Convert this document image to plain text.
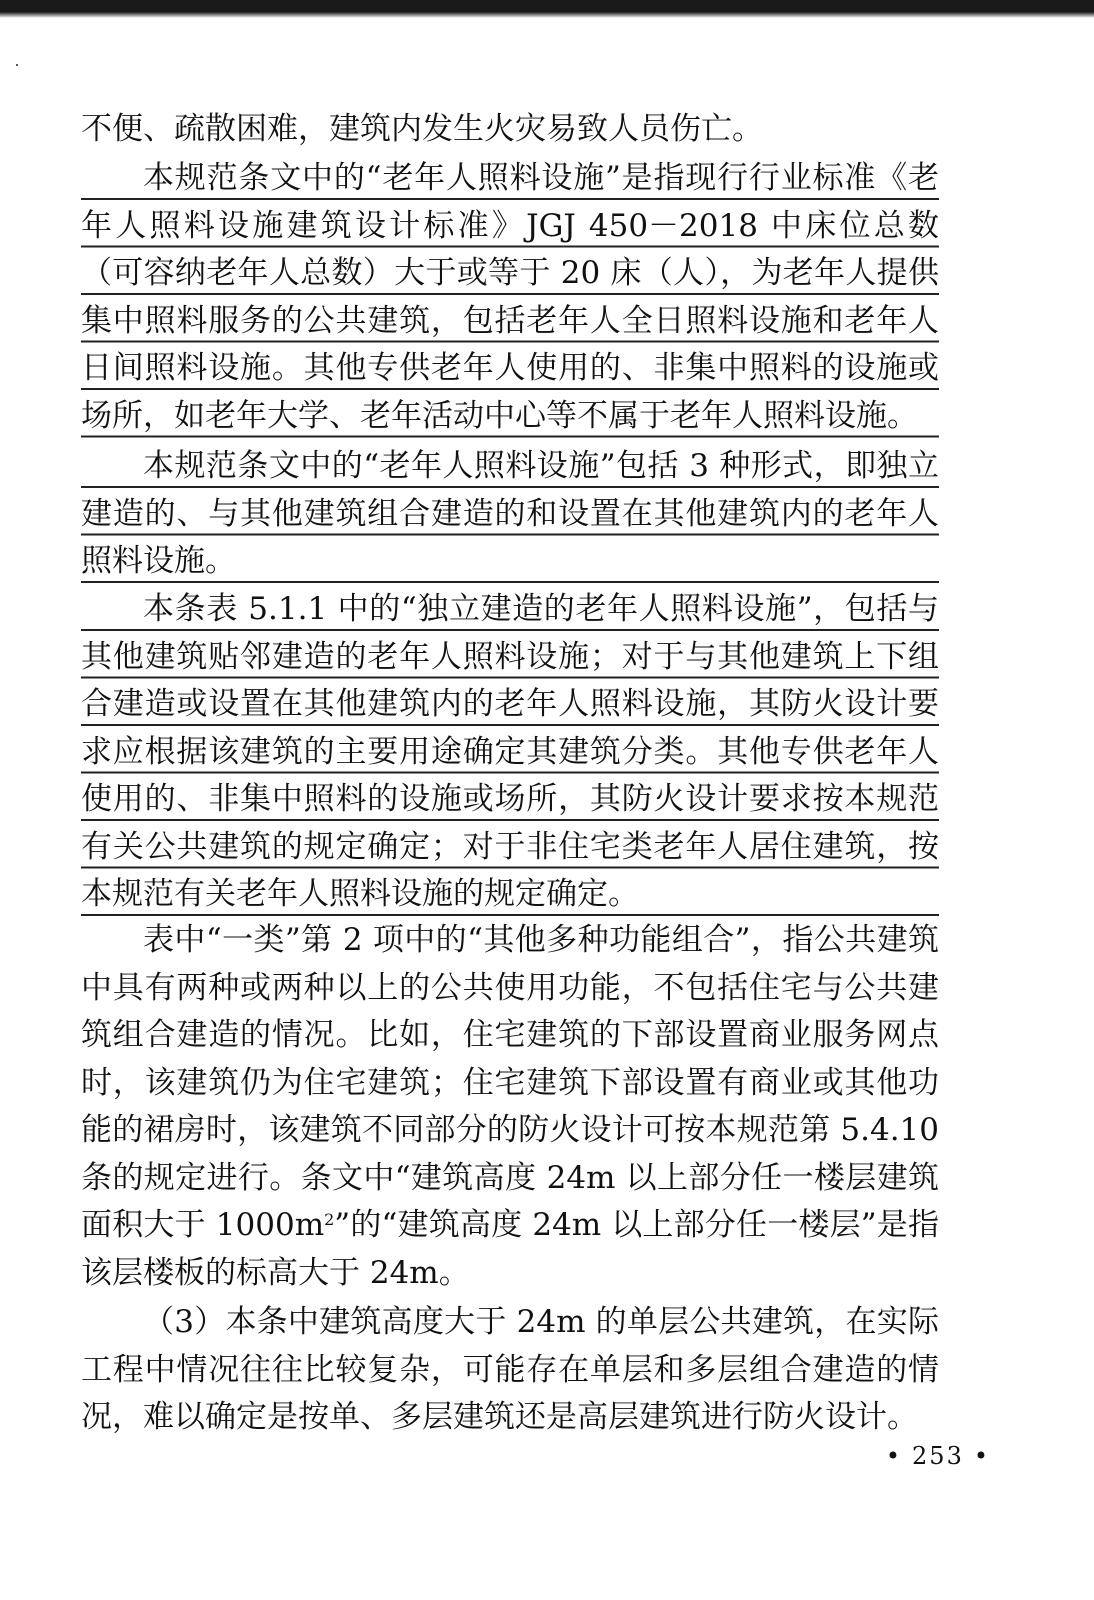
不便、疏散困难，建筑内发生火灾易致人员伤亡。

本规范条文中的“老年人照料设施”是指现行行业标准《老年人照料设施建筑设计标准》JGJ 450－2018 中床位总数（可容纳老年人总数）大于或等于 20 床（人），为老年人提供集中照料服务的公共建筑，包括老年人全日照料设施和老年人日间照料设施。其他专供老年人使用的、非集中照料的设施或场所，如老年大学、老年活动中心等不属于老年人照料设施。

本规范条文中的“老年人照料设施”包括 3 种形式，即独立建造的、与其他建筑组合建造的和设置在其他建筑内的老年人照料设施。

本条表 5.1.1 中的“独立建造的老年人照料设施”，包括与其他建筑贴邻建造的老年人照料设施；对于与其他建筑上下组合建造或设置在其他建筑内的老年人照料设施，其防火设计要求应根据该建筑的主要用途确定其建筑分类。其他专供老年人使用的、非集中照料的设施或场所，其防火设计要求按本规范有关公共建筑的规定确定；对于非住宅类老年人居住建筑，按本规范有关老年人照料设施的规定确定。

表中“一类”第 2 项中的“其他多种功能组合”，指公共建筑中具有两种或两种以上的公共使用功能，不包括住宅与公共建筑组合建造的情况。比如，住宅建筑的下部设置商业服务网点时，该建筑仍为住宅建筑；住宅建筑下部设置有商业或其他功能的裙房时，该建筑不同部分的防火设计可按本规范第 5.4.10 条的规定进行。条文中“建筑高度 24m 以上部分任一楼层建筑面积大于 $1000m^2$”的“建筑高度 24m 以上部分任一楼层”是指该层楼板的标高大于 24m。

（3）本条中建筑高度大于 24m 的单层公共建筑，在实际工程中情况往往比较复杂，可能存在单层和多层组合建造的情况，难以确定是按单、多层建筑还是高层建筑进行防火设计。

• 253 •
